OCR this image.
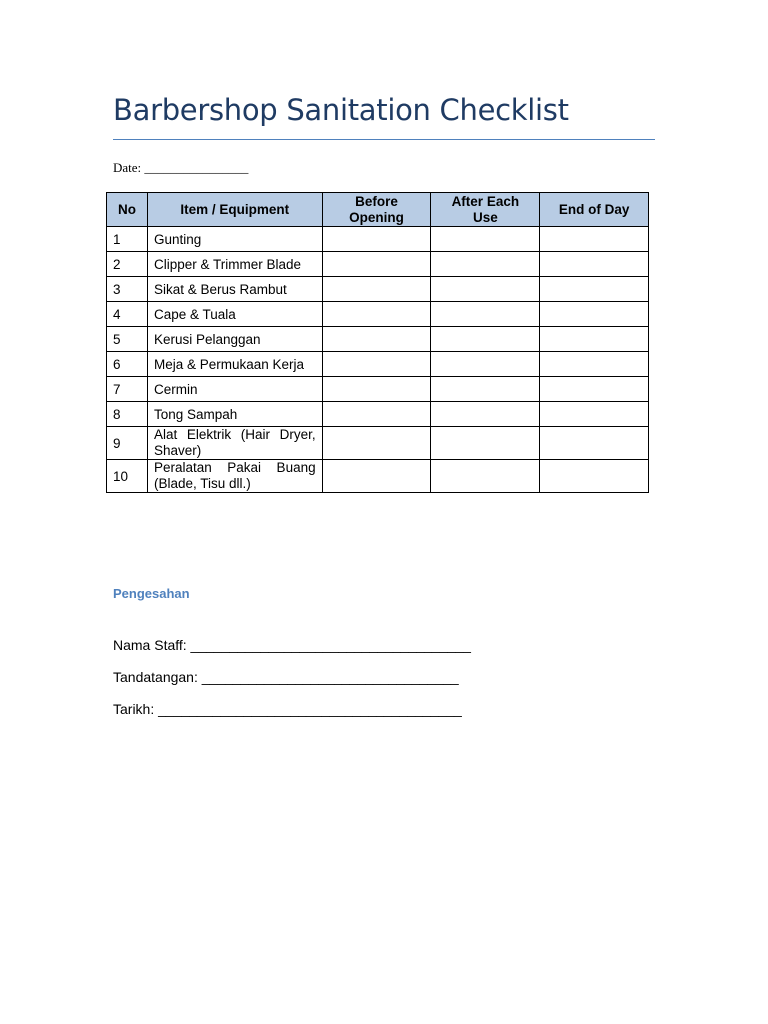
Barbershop Sanitation Checklist
Date: ________________
No	Item / Equipment	Before Opening	After Each Use	End of Day
1	Gunting			
2	Clipper & Trimmer Blade			
3	Sikat & Berus Rambut			
4	Cape & Tuala			
5	Kerusi Pelanggan			
6	Meja & Permukaan Kerja			
7	Cermin			
8	Tong Sampah			
9	Alat Elektrik (Hair Dryer, Shaver)			
10	Peralatan Pakai Buang (Blade, Tisu dll.)			
Pengesahan
Nama Staff: ____________________________________
Tandatangan: _________________________________
Tarikh: _______________________________________
